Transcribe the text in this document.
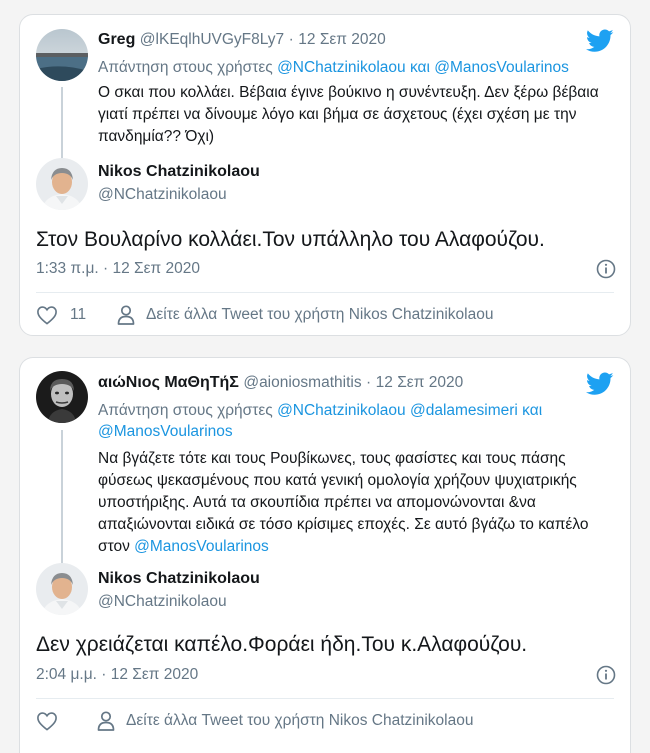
Greg @lKEqlhUVGyF8Ly7 · 12 Σεπ 2020
Απάντηση στους χρήστες @NChatzinikolaou και @ManosVoularinos
Ο σκαι που κολλάει. Βέβαια έγινε βούκινο η συνέντευξη. Δεν ξέρω βέβαια γιατί πρέπει να δίνουμε λόγο και βήμα σε άσχετους (έχει σχέση με την πανδημία?? Όχι)
Nikos Chatzinikolaou
@NChatzinikolaou
Στον Βουλαρίνο κολλάει.Τον υπάλληλο του Αλαφούζου.
1:33 π.μ. · 12 Σεπ 2020
11	Δείτε άλλα Tweet του χρήστη Nikos Chatzinikolaou
αιώΝιος ΜαΘηΤήΣ @aioniosmathitis · 12 Σεπ 2020
Απάντηση στους χρήστες @NChatzinikolaou @dalamesimeri και
@ManosVoularinos
Να βγάζετε τότε και τους Ρουβίκωνες, τους φασίστες και τους πάσης φύσεως ψεκασμένους που κατά γενική ομολογία χρήζουν ψυχιατρικής υποστήριξης. Αυτά τα σκουπίδια πρέπει να απομονώνονται &να απαξιώνονται ειδικά σε τόσο κρίσιμες εποχές. Σε αυτό βγάζω το καπέλο στον @ManosVoularinos
Nikos Chatzinikolaou
@NChatzinikolaou
Δεν χρειάζεται καπέλο.Φοράει ήδη.Του κ.Αλαφούζου.
2:04 μ.μ. · 12 Σεπ 2020
Δείτε άλλα Tweet του χρήστη Nikos Chatzinikolaou
